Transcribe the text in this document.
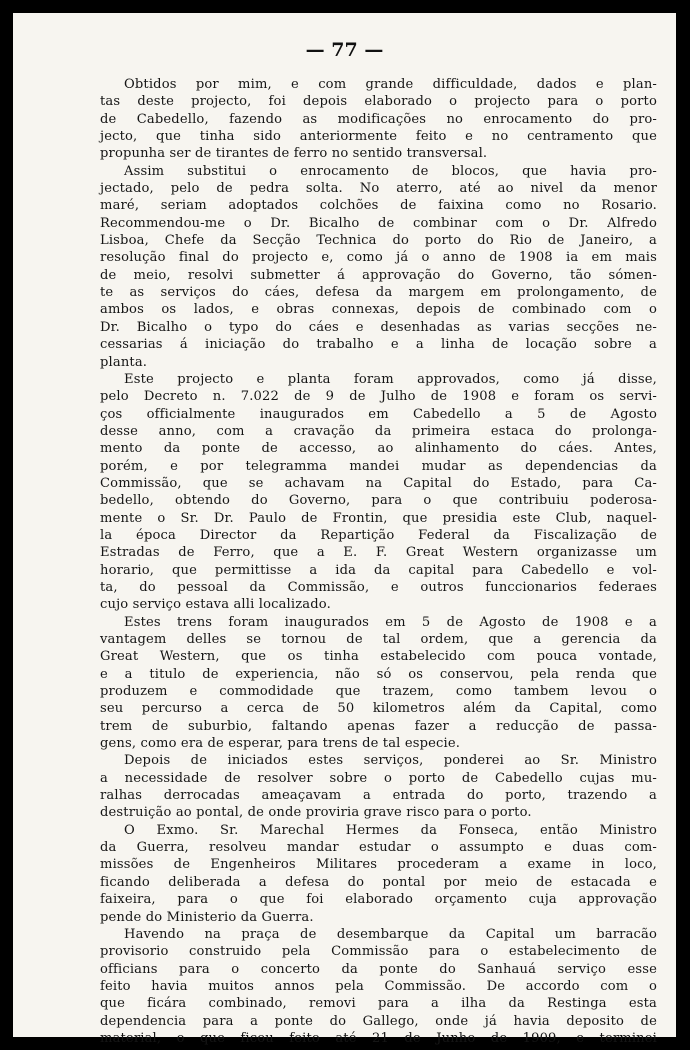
— 77 —
Obtidos por mim, e com grande difficuldade, dados e plan-
tas deste projecto, foi depois elaborado o projecto para o porto
de Cabedello, fazendo as modificações no enrocamento do pro-
jecto, que tinha sido anteriormente feito e no centramento que
propunha ser de tirantes de ferro no sentido transversal.
Assim substitui o enrocamento de blocos, que havia pro-
jectado, pelo de pedra solta. No aterro, até ao nivel da menor
maré, seriam adoptados colchões de faixina como no Rosario.
Recommendou-me o Dr. Bicalho de combinar com o Dr. Alfredo
Lisboa, Chefe da Secção Technica do porto do Rio de Janeiro, a
resolução final do projecto e, como já o anno de 1908 ia em mais
de meio, resolvi submetter á approvação do Governo, tão sómen-
te as serviços do cáes, defesa da margem em prolongamento, de
ambos os lados, e obras connexas, depois de combinado com o
Dr. Bicalho o typo do cáes e desenhadas as varias secções ne-
cessarias á iniciação do trabalho e a linha de locação sobre a
planta.
Este projecto e planta foram approvados, como já disse,
pelo Decreto n. 7.022 de 9 de Julho de 1908 e foram os servi-
ços officialmente inaugurados em Cabedello a 5 de Agosto
desse anno, com a cravação da primeira estaca do prolonga-
mento da ponte de accesso, ao alinhamento do cáes. Antes,
porém, e por telegramma mandei mudar as dependencias da
Commissão, que se achavam na Capital do Estado, para Ca-
bedello, obtendo do Governo, para o que contribuiu poderosa-
mente o Sr. Dr. Paulo de Frontin, que presidia este Club, naquel-
la época Director da Repartição Federal da Fiscalização de
Estradas de Ferro, que a E. F. Great Western organizasse um
horario, que permittisse a ida da capital para Cabedello e vol-
ta, do pessoal da Commissão, e outros funccionarios federaes
cujo serviço estava alli localizado.
Estes trens foram inaugurados em 5 de Agosto de 1908 e a
vantagem delles se tornou de tal ordem, que a gerencia da
Great Western, que os tinha estabelecido com pouca vontade,
e a titulo de experiencia, não só os conservou, pela renda que
produzem e commodidade que trazem, como tambem levou o
seu percurso a cerca de 50 kilometros além da Capital, como
trem de suburbio, faltando apenas fazer a reducção de passa-
gens, como era de esperar, para trens de tal especie.
Depois de iniciados estes serviços, ponderei ao Sr. Ministro
a necessidade de resolver sobre o porto de Cabedello cujas mu-
ralhas derrocadas ameaçavam a entrada do porto, trazendo a
destruição ao pontal, de onde proviria grave risco para o porto.
O Exmo. Sr. Marechal Hermes da Fonseca, então Ministro
da Guerra, resolveu mandar estudar o assumpto e duas com-
missões de Engenheiros Militares procederam a exame in loco,
ficando deliberada a defesa do pontal por meio de estacada e
faixeira, para o que foi elaborado orçamento cuja approvação
pende do Ministerio da Guerra.
Havendo na praça de desembarque da Capital um barracão
provisorio construido pela Commissão para o estabelecimento de
officians para o concerto da ponte do Sanhauá serviço esse
feito havia muitos annos pela Commissão. De accordo com o
que ficára combinado, removi para a ilha da Restinga esta
dependencia para a ponte do Gallego, onde já havia deposito de
material, o que ficou feito até 21 de Junho de 1909, e terminei
